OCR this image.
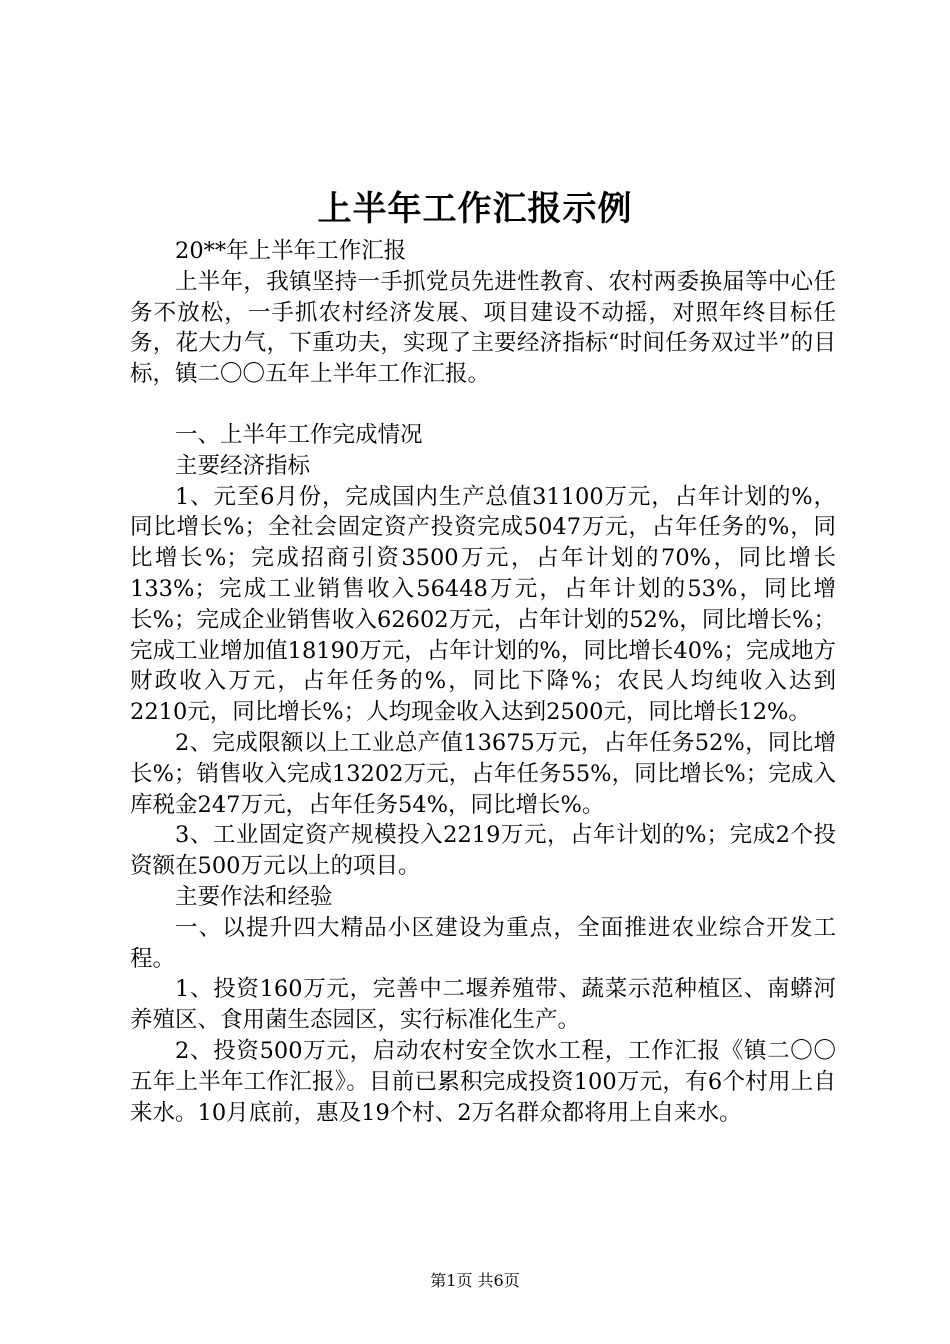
上半年工作汇报示例

20**年上半年工作汇报

上半年，我镇坚持一手抓党员先进性教育、农村两委换届等中心任务不放松，一手抓农村经济发展、项目建设不动摇，对照年终目标任务，花大力气，下重功夫，实现了主要经济指标“时间任务双过半”的目标，镇二〇〇五年上半年工作汇报。

一、上半年工作完成情况

主要经济指标

1、元至6月份，完成国内生产总值31100万元，占年计划的%，同比增长%；全社会固定资产投资完成5047万元，占年任务的%，同比增长%；完成招商引资3500万元，占年计划的70%，同比增长133%；完成工业销售收入56448万元，占年计划的53%，同比增长%；完成企业销售收入62602万元，占年计划的52%，同比增长%；完成工业增加值18190万元，占年计划的%，同比增长40%；完成地方财政收入万元，占年任务的%，同比下降%；农民人均纯收入达到2210元，同比增长%；人均现金收入达到2500元，同比增长12%。

2、完成限额以上工业总产值13675万元，占年任务52%，同比增长%；销售收入完成13202万元，占年任务55%，同比增长%；完成入库税金247万元，占年任务54%，同比增长%。

3、工业固定资产规模投入2219万元，占年计划的%；完成2个投资额在500万元以上的项目。

主要作法和经验

一、以提升四大精品小区建设为重点，全面推进农业综合开发工程。

1、投资160万元，完善中二堰养殖带、蔬菜示范种植区、南蟒河养殖区、食用菌生态园区，实行标准化生产。

2、投资500万元，启动农村安全饮水工程，工作汇报《镇二〇〇五年上半年工作汇报》。目前已累积完成投资100万元，有6个村用上自来水。10月底前，惠及19个村、2万名群众都将用上自来水。

第1页 共6页
